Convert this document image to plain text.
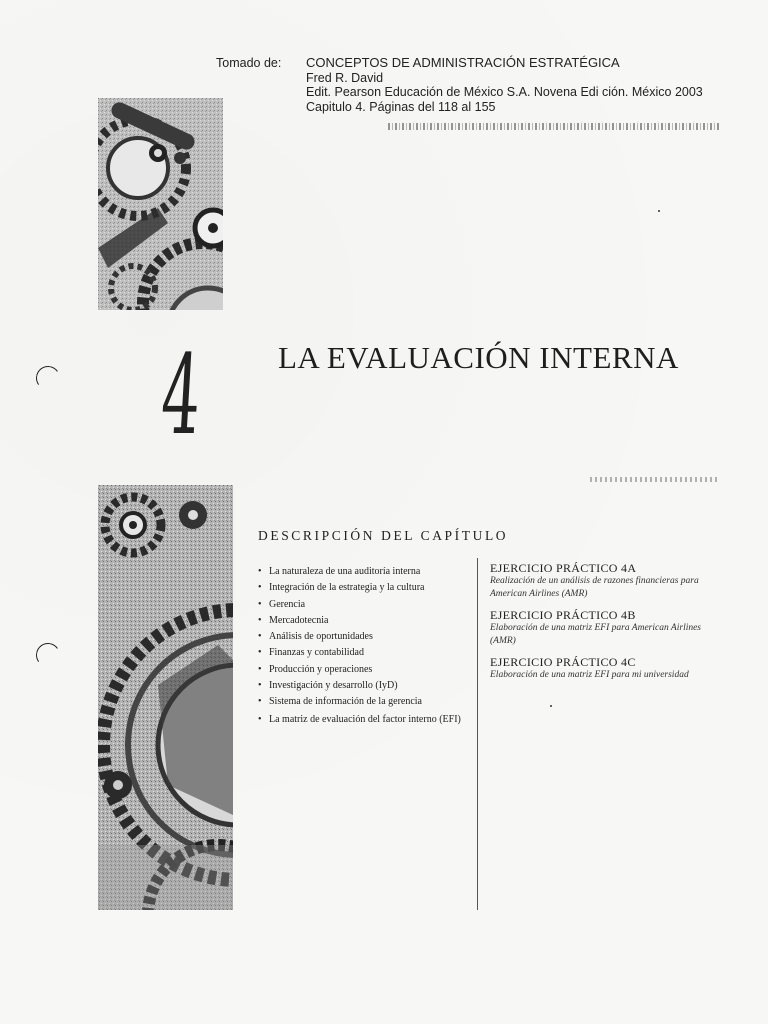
Tomado de:	CONCEPTOS DE ADMINISTRACIÓN ESTRATÉGICA
Fred R. David
Edit. Pearson Educación de México S.A. Novena Edi ción. México 2003
Capitulo 4. Páginas del 118 al 155
4 LA EVALUACIÓN INTERNA
DESCRIPCIÓN DEL CAPÍTULO
• La naturaleza de una auditoría interna
• Integración de la estrategia y la cultura
• Gerencia
• Mercadotecnia
• Análisis de oportunidades
• Finanzas y contabilidad
• Producción y operaciones
• Investigación y desarrollo (IyD)
• Sistema de información de la gerencia
• La matriz de evaluación del factor interno (EFI)
EJERCICIO PRÁCTICO 4A
Realización de un análisis de razones financieras para American Airlines (AMR)
EJERCICIO PRÁCTICO 4B
Elaboración de una matriz EFI para American Airlines (AMR)
EJERCICIO PRÁCTICO 4C
Elaboración de una matriz EFI para mi universidad
